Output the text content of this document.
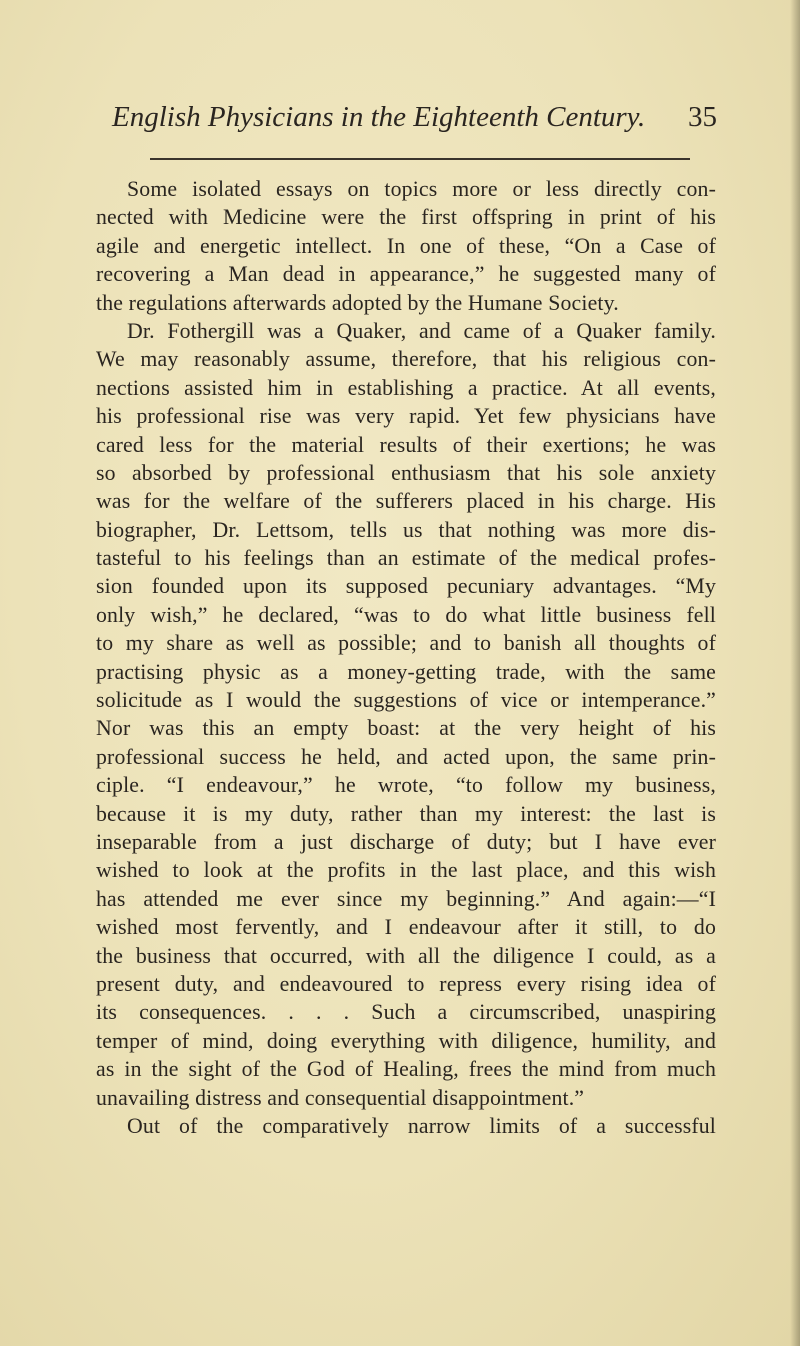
English Physicians in the Eighteenth Century. 35
Some isolated essays on topics more or less directly con-
nected with Medicine were the first offspring in print of his
agile and energetic intellect. In one of these, “On a Case of
recovering a Man dead in appearance,” he suggested many of
the regulations afterwards adopted by the Humane Society.
Dr. Fothergill was a Quaker, and came of a Quaker family.
We may reasonably assume, therefore, that his religious con-
nections assisted him in establishing a practice. At all events,
his professional rise was very rapid. Yet few physicians have
cared less for the material results of their exertions; he was
so absorbed by professional enthusiasm that his sole anxiety
was for the welfare of the sufferers placed in his charge. His
biographer, Dr. Lettsom, tells us that nothing was more dis-
tasteful to his feelings than an estimate of the medical profes-
sion founded upon its supposed pecuniary advantages. “My
only wish,” he declared, “was to do what little business fell
to my share as well as possible; and to banish all thoughts of
practising physic as a money-getting trade, with the same
solicitude as I would the suggestions of vice or intemperance.”
Nor was this an empty boast: at the very height of his
professional success he held, and acted upon, the same prin-
ciple. “I endeavour,” he wrote, “to follow my business,
because it is my duty, rather than my interest: the last is
inseparable from a just discharge of duty; but I have ever
wished to look at the profits in the last place, and this wish
has attended me ever since my beginning.” And again:—“I
wished most fervently, and I endeavour after it still, to do
the business that occurred, with all the diligence I could, as a
present duty, and endeavoured to repress every rising idea of
its consequences. . . . Such a circumscribed, unaspiring
temper of mind, doing everything with diligence, humility, and
as in the sight of the God of Healing, frees the mind from much
unavailing distress and consequential disappointment.”
Out of the comparatively narrow limits of a successful
